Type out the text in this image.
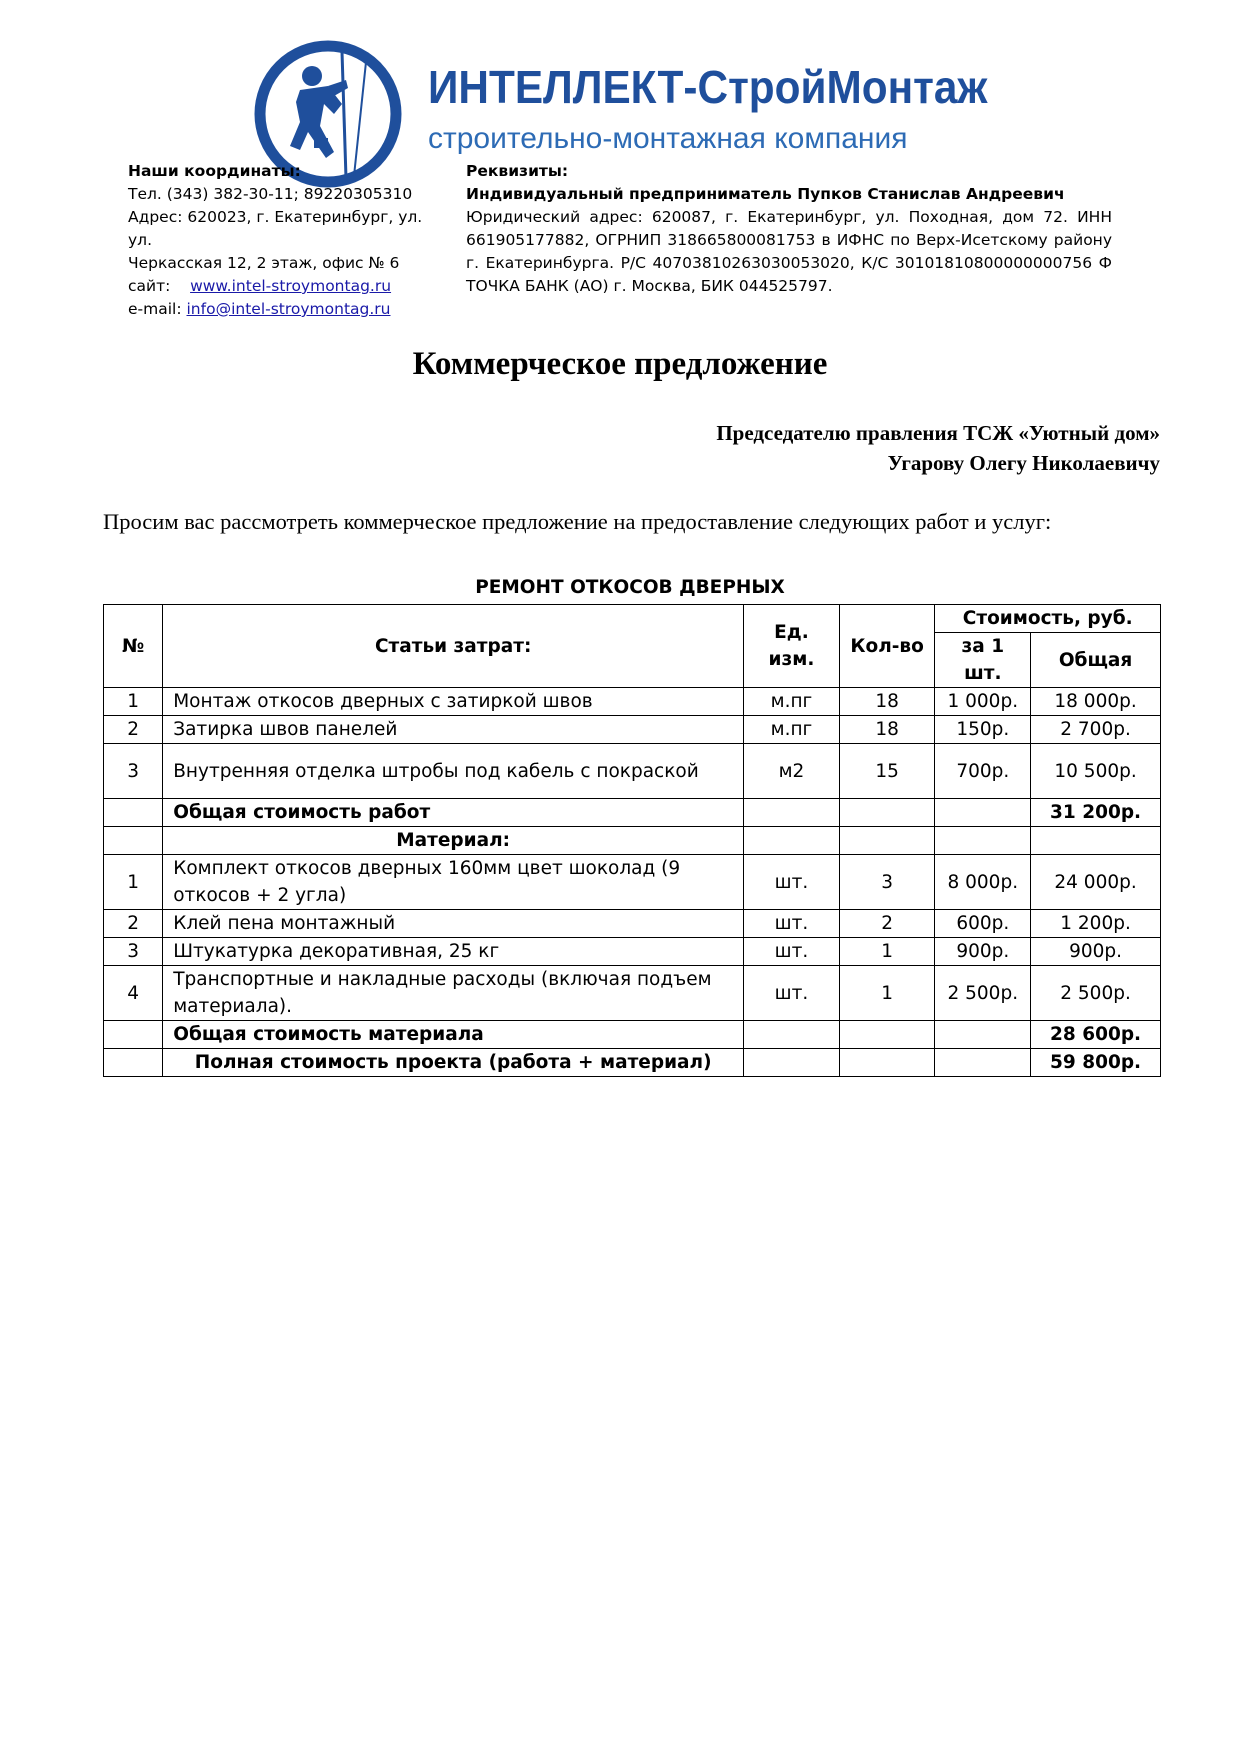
ИНТЕЛЛЕКТ-СтройМонтаж
строительно-монтажная компания
Наши координаты:
Тел. (343) 382-30-11; 89220305310
Адрес: 620023, г. Екатеринбург, ул. ул.
Черкасская 12, 2 этаж, офис № 6
сайт: www.intel-stroymontag.ru
e-mail: info@intel-stroymontag.ru
Реквизиты:
Индивидуальный предприниматель Пупков Станислав Андреевич
Юридический адрес: 620087, г. Екатеринбург, ул. Походная, дом 72. ИНН 661905177882, ОГРНИП 318665800081753 в ИФНС по Верх-Исетскому району г. Екатеринбурга. Р/С 40703810263030053020, К/С 30101810800000000756 Ф ТОЧКА БАНК (АО) г. Москва, БИК 044525797.
Коммерческое предложение
Председателю правления ТСЖ «Уютный дом»
Угарову Олегу Николаевичу
Просим вас рассмотреть коммерческое предложение на предоставление следующих работ и услуг:
РЕМОНТ ОТКОСОВ ДВЕРНЫХ
№	Статьи затрат:	Ед. изм.	Кол-во	Стоимость, руб.	
				за 1 шт.	Общая
1	Монтаж откосов дверных с затиркой швов	м.пг	18	1 000р.	18 000р.
2	Затирка швов панелей	м.пг	18	150р.	2 700р.
3	Внутренняя отделка штробы под кабель с покраской	м2	15	700р.	10 500р.
	Общая стоимость работ				31 200р.
	Материал:				
1	Комплект откосов дверных 160мм цвет шоколад (9 откосов + 2 угла)	шт.	3	8 000р.	24 000р.
2	Клей пена монтажный	шт.	2	600р.	1 200р.
3	Штукатурка декоративная, 25 кг	шт.	1	900р.	900р.
4	Транспортные и накладные расходы (включая подъем материала).	шт.	1	2 500р.	2 500р.
	Общая стоимость материала				28 600р.
	Полная стоимость проекта (работа + материал)				59 800р.
